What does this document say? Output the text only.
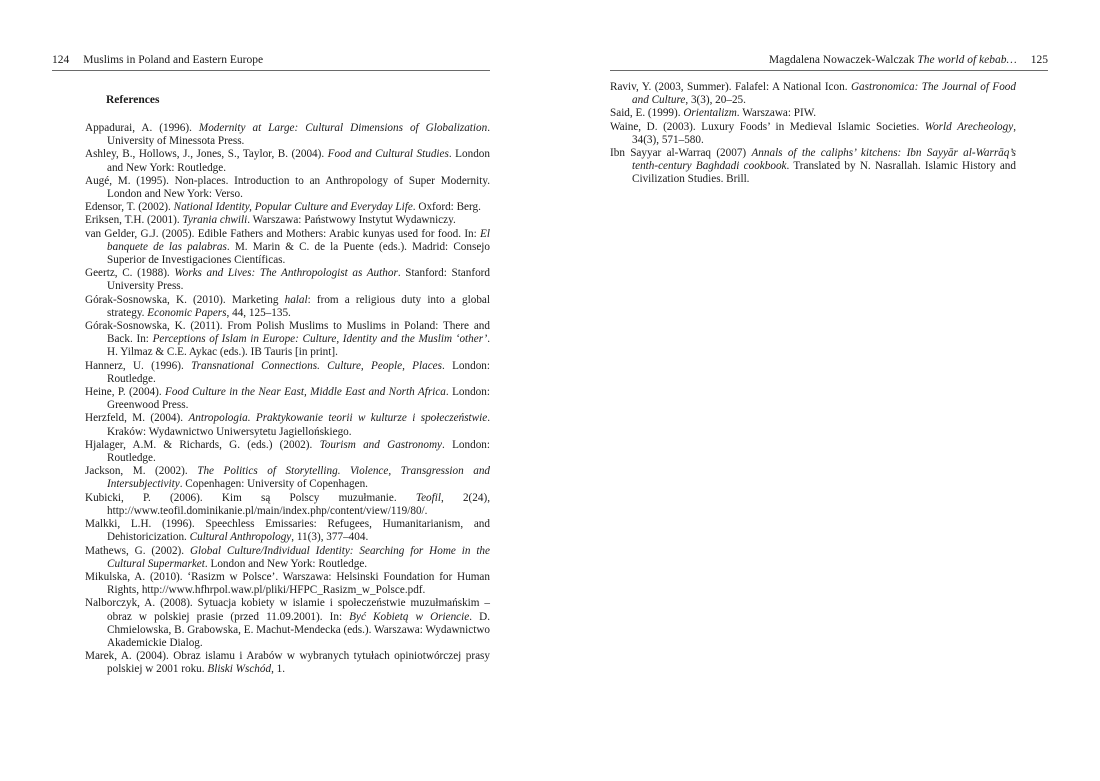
124 Muslims in Poland and Eastern Europe
References
Appadurai, A. (1996). Modernity at Large: Cultural Dimensions of Globalization. University of Minessota Press.
Ashley, B., Hollows, J., Jones, S., Taylor, B. (2004). Food and Cultural Studies. London and New York: Routledge.
Augé, M. (1995). Non-places. Introduction to an Anthropology of Super Modernity. London and New York: Verso.
Edensor, T. (2002). National Identity, Popular Culture and Everyday Life. Oxford: Berg.
Eriksen, T.H. (2001). Tyrania chwili. Warszawa: Państwowy Instytut Wydawniczy.
van Gelder, G.J. (2005). Edible Fathers and Mothers: Arabic kunyas used for food. In: El banquete de las palabras. M. Marin & C. de la Puente (eds.). Madrid: Consejo Superior de Investigaciones Científicas.
Geertz, C. (1988). Works and Lives: The Anthropologist as Author. Stanford: Stanford University Press.
Górak-Sosnowska, K. (2010). Marketing halal: from a religious duty into a global strategy. Economic Papers, 44, 125–135.
Górak-Sosnowska, K. (2011). From Polish Muslims to Muslims in Poland: There and Back. In: Perceptions of Islam in Europe: Culture, Identity and the Muslim ‘other’. H. Yilmaz & C.E. Aykac (eds.). IB Tauris [in print].
Hannerz, U. (1996). Transnational Connections. Culture, People, Places. London: Routledge.
Heine, P. (2004). Food Culture in the Near East, Middle East and North Africa. London: Greenwood Press.
Herzfeld, M. (2004). Antropologia. Praktykowanie teorii w kulturze i społeczeństwie. Kraków: Wydawnictwo Uniwersytetu Jagiellońskiego.
Hjalager, A.M. & Richards, G. (eds.) (2002). Tourism and Gastronomy. London: Routledge.
Jackson, M. (2002). The Politics of Storytelling. Violence, Transgression and Intersubjectivity. Copenhagen: University of Copenhagen.
Kubicki, P. (2006). Kim są Polscy muzułmanie. Teofil, 2(24), http://www.teofil.dominikanie.pl/main/index.php/content/view/119/80/.
Malkki, L.H. (1996). Speechless Emissaries: Refugees, Humanitarianism, and Dehistoricization. Cultural Anthropology, 11(3), 377–404.
Mathews, G. (2002). Global Culture/Individual Identity: Searching for Home in the Cultural Supermarket. London and New York: Routledge.
Mikulska, A. (2010). ‘Rasizm w Polsce’. Warszawa: Helsinski Foundation for Human Rights, http://www.hfhrpol.waw.pl/pliki/HFPC_Rasizm_w_Polsce.pdf.
Nalborczyk, A. (2008). Sytuacja kobiety w islamie i społeczeństwie muzułmańskim – obraz w polskiej prasie (przed 11.09.2001). In: Być Kobietą w Oriencie. D. Chmielowska, B. Grabowska, E. Machut-Mendecka (eds.). Warszawa: Wydawnictwo Akademickie Dialog.
Marek, A. (2004). Obraz islamu i Arabów w wybranych tytułach opiniotwórczej prasy polskiej w 2001 roku. Bliski Wschód, 1.
Magdalena Nowaczek-Walczak The world of kebab… 125
Raviv, Y. (2003, Summer). Falafel: A National Icon. Gastronomica: The Journal of Food and Culture, 3(3), 20–25.
Said, E. (1999). Orientalizm. Warszawa: PIW.
Waine, D. (2003). Luxury Foods’ in Medieval Islamic Societies. World Arecheology, 34(3), 571–580.
Ibn Sayyar al-Warraq (2007) Annals of the caliphs’ kitchens: Ibn Sayyār al-Warrāq’s tenth-century Baghdadi cookbook. Translated by N. Nasrallah. Islamic History and Civilization Studies. Brill.
